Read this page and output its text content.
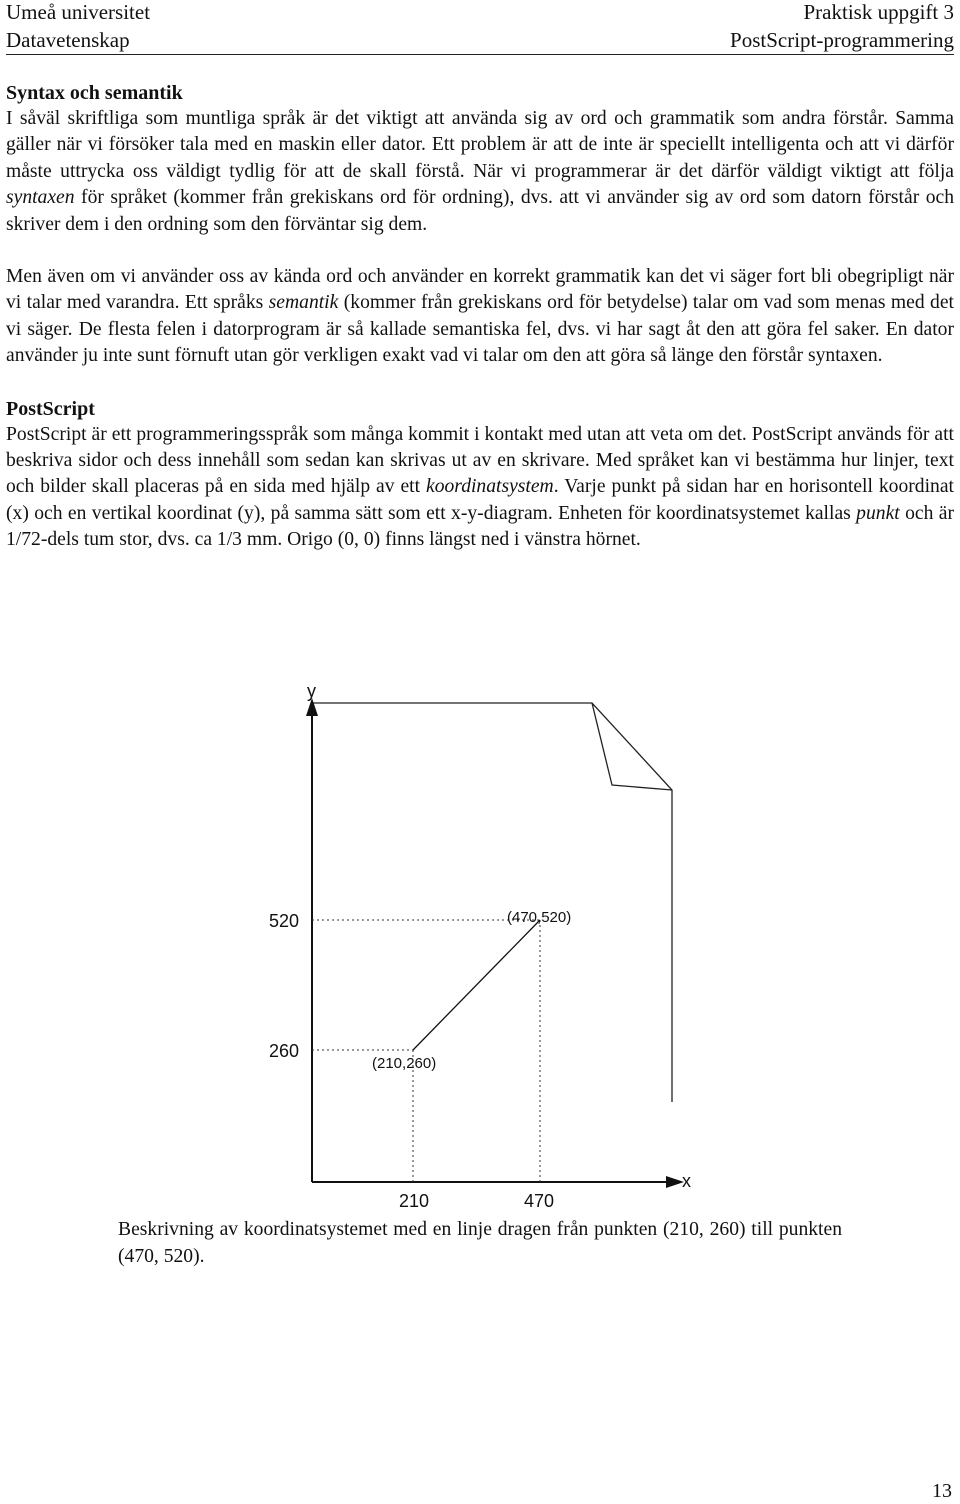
Umeå universitet
Datavetenskap
Praktisk uppgift 3
PostScript-programmering
Syntax och semantik

I såväl skriftliga som muntliga språk är det viktigt att använda sig av ord och grammatik som andra förstår. Samma gäller när vi försöker tala med en maskin eller dator. Ett problem är att de inte är speciellt intelligenta och att vi därför måste uttrycka oss väldigt tydlig för att de skall förstå. När vi programmerar är det därför väldigt viktigt att följa syntaxen för språket (kommer från grekiskans ord för ordning), dvs. att vi använder sig av ord som datorn förstår och skriver dem i den ordning som den förväntar sig dem.

Men även om vi använder oss av kända ord och använder en korrekt grammatik kan det vi säger fort bli obegripligt när vi talar med varandra. Ett språks semantik (kommer från grekiskans ord för betydelse) talar om vad som menas med det vi säger. De flesta felen i datorprogram är så kallade semantiska fel, dvs. vi har sagt åt den att göra fel saker. En dator använder ju inte sunt förnuft utan gör verkligen exakt vad vi talar om den att göra så länge den förstår syntaxen.

PostScript

PostScript är ett programmeringsspråk som många kommit i kontakt med utan att veta om det. PostScript används för att beskriva sidor och dess innehåll som sedan kan skrivas ut av en skrivare. Med språket kan vi bestämma hur linjer, text och bilder skall placeras på en sida med hjälp av ett koordinatsystem. Varje punkt på sidan har en horisontell koordinat (x) och en vertikal koordinat (y), på samma sätt som ett x-y-diagram. Enheten för koordinatsystemet kallas punkt och är 1/72-dels tum stor, dvs. ca 1/3 mm. Origo (0, 0) finns längst ned i vänstra hörnet.

y
x
520
260
210	470
(470,520)
(210,260)
Beskrivning av koordinatsystemet med en linje dragen från punkten (210, 260) till punkten (470, 520).
13
